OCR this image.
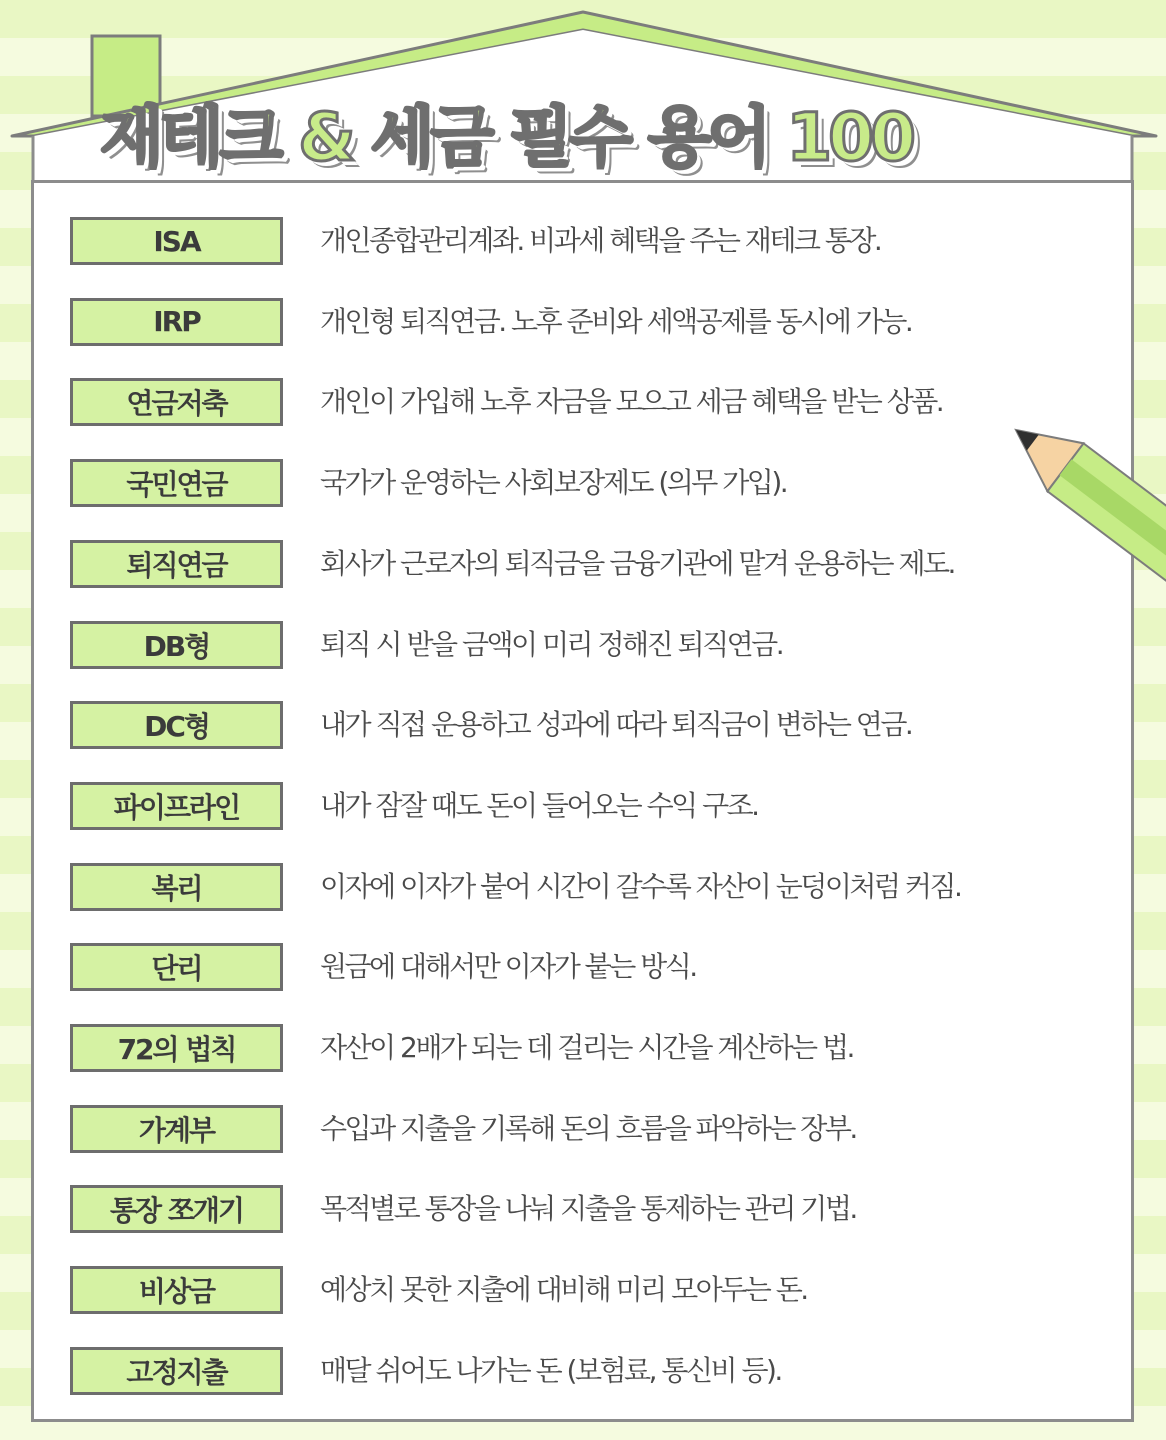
재테크 & 세금 필수 용어 100
ISA	개인종합관리계좌. 비과세 혜택을 주는 재테크 통장.
IRP	개인형 퇴직연금. 노후 준비와 세액공제를 동시에 가능.
연금저축	개인이 가입해 노후 자금을 모으고 세금 혜택을 받는 상품.
국민연금	국가가 운영하는 사회보장제도 (의무 가입).
퇴직연금	회사가 근로자의 퇴직금을 금융기관에 맡겨 운용하는 제도.
DB형	퇴직 시 받을 금액이 미리 정해진 퇴직연금.
DC형	내가 직접 운용하고 성과에 따라 퇴직금이 변하는 연금.
파이프라인	내가 잠잘 때도 돈이 들어오는 수익 구조.
복리	이자에 이자가 붙어 시간이 갈수록 자산이 눈덩이처럼 커짐.
단리	원금에 대해서만 이자가 붙는 방식.
72의 법칙	자산이 2배가 되는 데 걸리는 시간을 계산하는 법.
가계부	수입과 지출을 기록해 돈의 흐름을 파악하는 장부.
통장 쪼개기	목적별로 통장을 나눠 지출을 통제하는 관리 기법.
비상금	예상치 못한 지출에 대비해 미리 모아두는 돈.
고정지출	매달 쉬어도 나가는 돈 (보험료, 통신비 등).
